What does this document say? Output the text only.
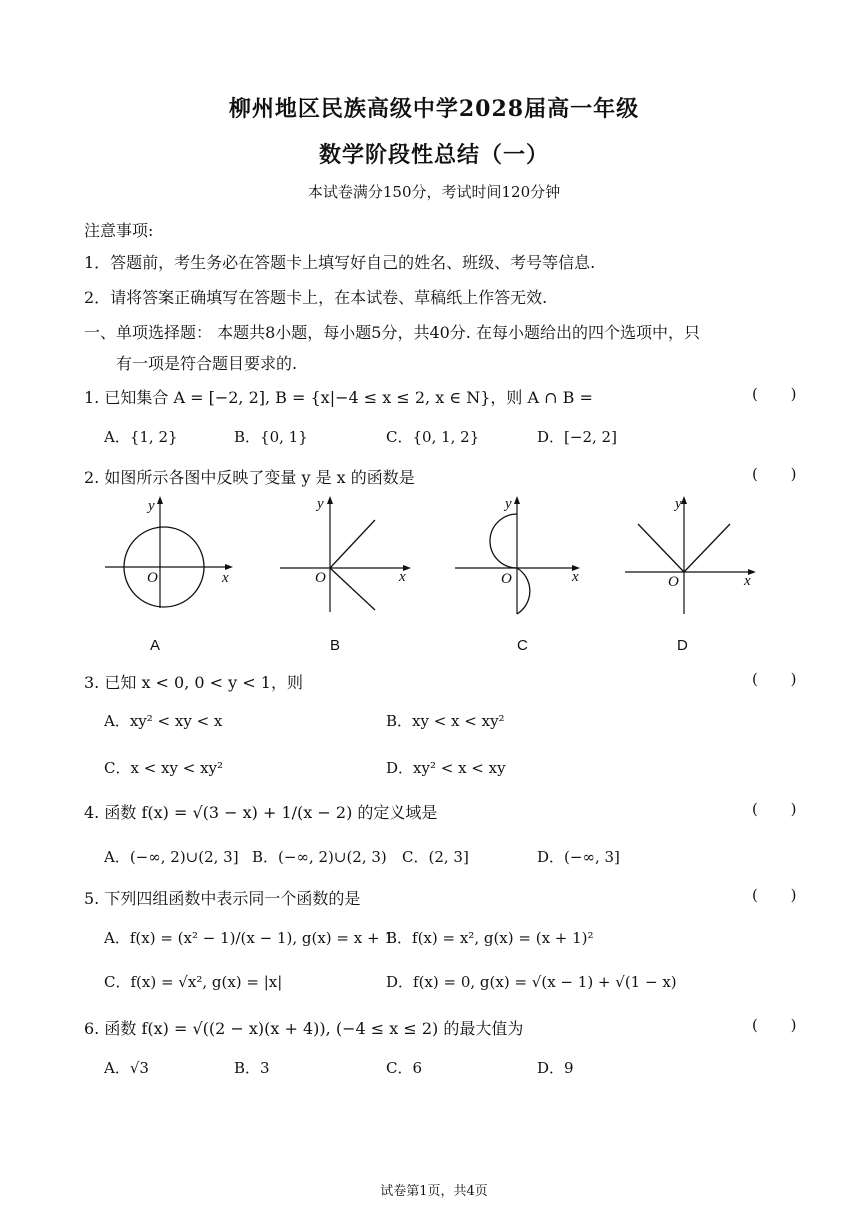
柳州地区民族高级中学2028届高一年级
数学阶段性总结（一）
本试卷满分150分，考试时间120分钟
注意事项:
1．答题前，考生务必在答题卡上填写好自己的姓名、班级、考号等信息.
2．请将答案正确填写在答题卡上，在本试卷、草稿纸上作答无效.
一、单项选择题： 本题共8小题，每小题5分，共40分. 在每小题给出的四个选项中，只
有一项是符合题目要求的.
1. 已知集合 A = [−2, 2], B = {x|−4 ≤ x ≤ 2, x ∈ N}，则 A ∩ B =	( )
A．{1, 2}	B．{0, 1}	C．{0, 1, 2}	D．[−2, 2]
2. 如图所示各图中反映了变量 y 是 x 的函数是	( )
x
y
O	x
y
O	x
y
O	x
y
O
A	B	C	D
3. 已知 x < 0, 0 < y < 1，则	( )
A．xy² < xy < x	B．xy < x < xy²
C．x < xy < xy²	D．xy² < x < xy
4. 函数 f(x) = √(3 − x) + 1/(x − 2) 的定义域是	( )
A．(−∞, 2)∪(2, 3] B．(−∞, 2)∪(2, 3) C．(2, 3]	D．(−∞, 3]
5. 下列四组函数中表示同一个函数的是	( )
A．f(x) = (x² − 1)/(x − 1), g(x) = x + 1
B．f(x) = x², g(x) = (x + 1)²
C．f(x) = √x², g(x) = |x|	D．f(x) = 0, g(x) = √(x − 1) + √(1 − x)
6. 函数 f(x) = √((2 − x)(x + 4)), (−4 ≤ x ≤ 2) 的最大值为	( )
A．√3	B．3	C．6	D．9
试卷第1页，共4页
